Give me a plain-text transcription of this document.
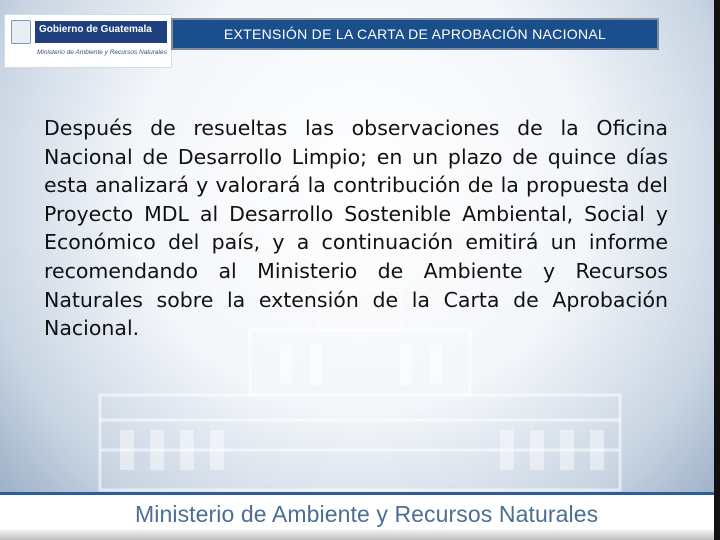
Gobierno de Guatemala
Ministerio de Ambiente y Recursos Naturales
EXTENSIÓN DE LA CARTA DE APROBACIÓN NACIONAL

Después de resueltas las observaciones de la Oficina Nacional de Desarrollo Limpio; en un plazo de quince días esta analizará y valorará la contribución de la propuesta del Proyecto MDL al Desarrollo Sostenible Ambiental, Social y Económico del país, y a continuación emitirá un informe recomendando al Ministerio de Ambiente y Recursos Naturales sobre la extensión de la Carta de Aprobación Nacional.

Ministerio de Ambiente y Recursos Naturales
